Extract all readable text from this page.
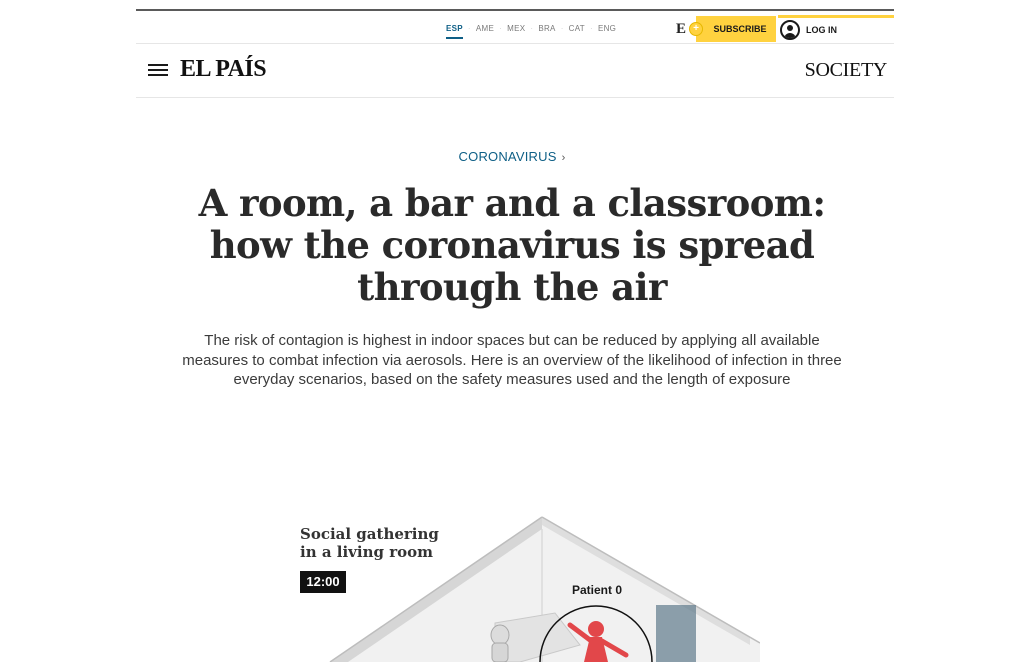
ESP · AME · MEX · BRA · CAT · ENG	E	SUBSCRIBE
+	LOG IN
EL PAÍS	SOCIETY
CORONAVIRUS ›
A room, a bar and a classroom: how the coronavirus is spread through the air

The risk of contagion is highest in indoor spaces but can be reduced by applying all available measures to combat infection via aerosols. Here is an overview of the likelihood of infection in three everyday scenarios, based on the safety measures used and the length of exposure

Social gathering
in a living room
12:00
Patient 0
